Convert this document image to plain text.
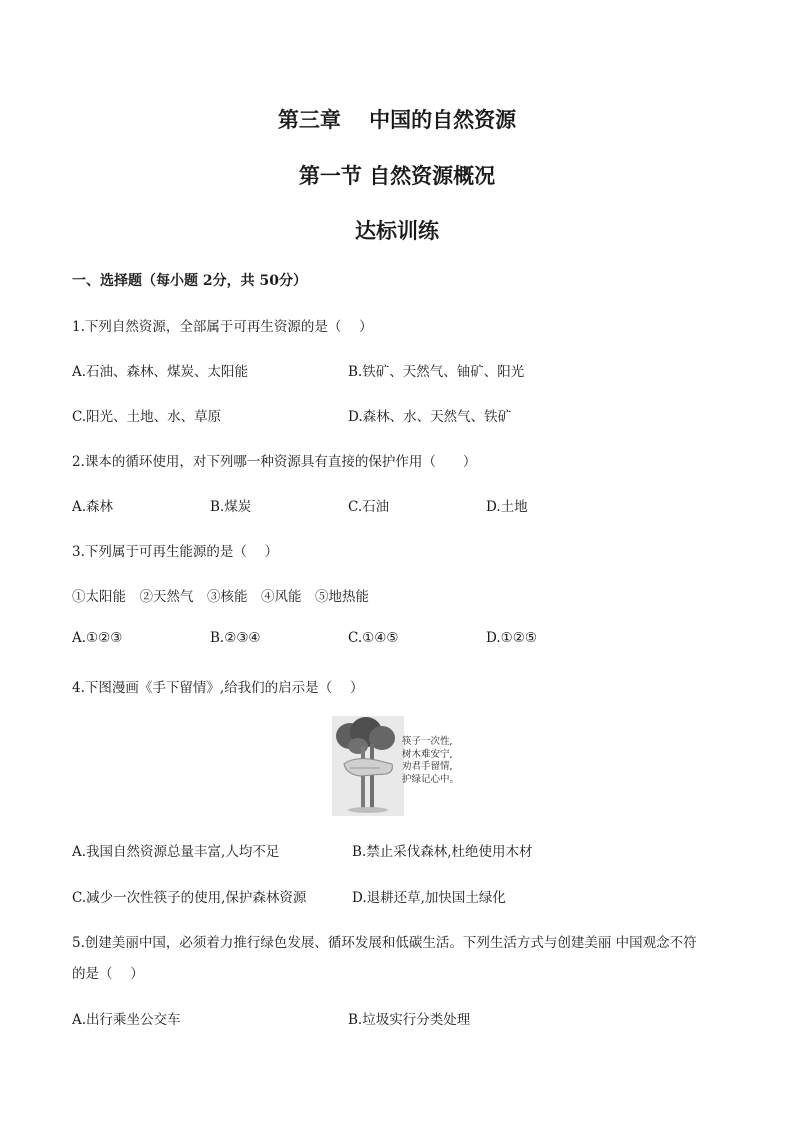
第三章　 中国的自然资源
第一节 自然资源概况
达标训练
一、选择题（每小题 2分，共 50分）
1.下列自然资源，全部属于可再生资源的是（　 ）
A.石油、森林、煤炭、太阳能	B.铁矿、天然气、铀矿、阳光
C.阳光、土地、水、草原	D.森林、水、天然气、铁矿
2.课本的循环使用，对下列哪一种资源具有直接的保护作用（　　）
A.森林	B.煤炭	C.石油	D.土地
3.下列属于可再生能源的是（　 ）
①太阳能　②天然气　③核能　④风能　⑤地热能
A.①②③	B.②③④	C.①④⑤	D.①②⑤
4.下图漫画《手下留情》,给我们的启示是（　 ）
筷子一次性,
树木难安宁,
劝君手留情,
护绿记心中。
A.我国自然资源总量丰富,人均不足	B.禁止采伐森林,杜绝使用木材
C.减少一次性筷子的使用,保护森林资源	D.退耕还草,加快国土绿化
5.创建美丽中国，必须着力推行绿色发展、循环发展和低碳生活。下列生活方式与创建美丽 中国观念不符
的是（　 ）
A.出行乘坐公交车	B.垃圾实行分类处理
